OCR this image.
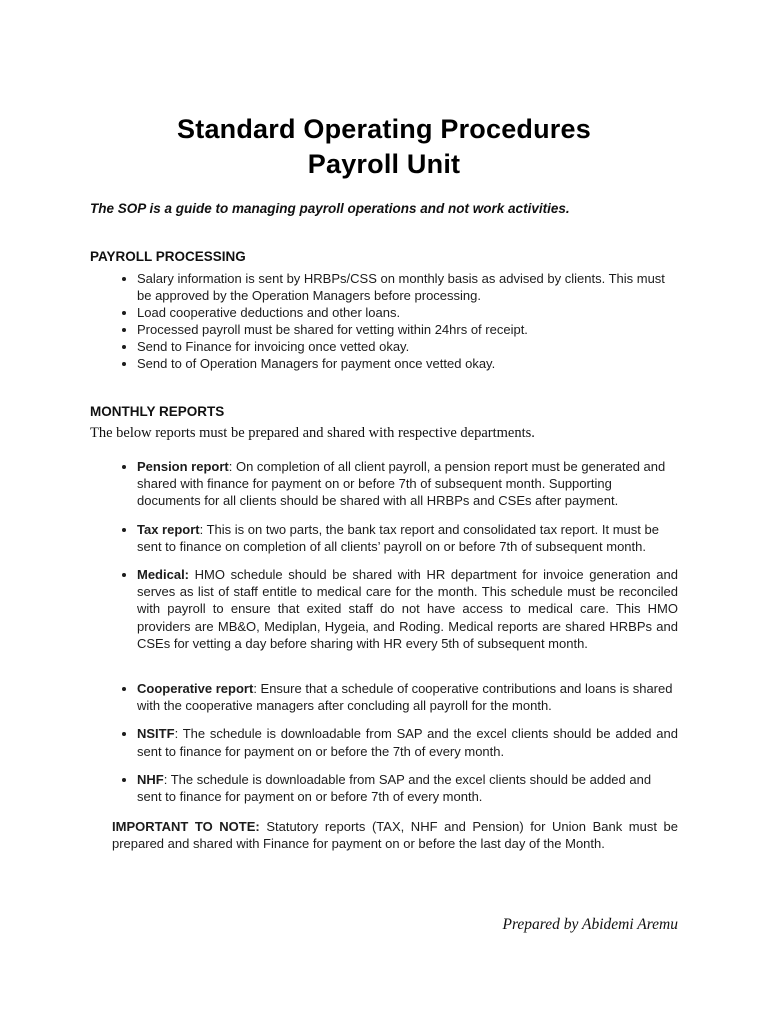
Standard Operating Procedures
Payroll Unit

The SOP is a guide to managing payroll operations and not work activities.

PAYROLL PROCESSING
• Salary information is sent by HRBPs/CSS on monthly basis as advised by clients. This must be approved by the Operation Managers before processing.
• Load cooperative deductions and other loans.
• Processed payroll must be shared for vetting within 24hrs of receipt.
• Send to Finance for invoicing once vetted okay.
• Send to of Operation Managers for payment once vetted okay.
MONTHLY REPORTS

The below reports must be prepared and shared with respective departments.

• Pension report: On completion of all client payroll, a pension report must be generated and shared with finance for payment on or before 7th of subsequent month. Supporting documents for all clients should be shared with all HRBPs and CSEs after payment.
• Tax report: This is on two parts, the bank tax report and consolidated tax report. It must be sent to finance on completion of all clients’ payroll on or before 7th of subsequent month.
• Medical: HMO schedule should be shared with HR department for invoice generation and serves as list of staff entitle to medical care for the month. This schedule must be reconciled with payroll to ensure that exited staff do not have access to medical care. This HMO providers are MB&O, Mediplan, Hygeia, and Roding. Medical reports are shared HRBPs and CSEs for vetting a day before sharing with HR every 5th of subsequent month.
• Cooperative report: Ensure that a schedule of cooperative contributions and loans is shared with the cooperative managers after concluding all payroll for the month.
• NSITF: The schedule is downloadable from SAP and the excel clients should be added and sent to finance for payment on or before the 7th of every month.
• NHF: The schedule is downloadable from SAP and the excel clients should be added and sent to finance for payment on or before 7th of every month.

IMPORTANT TO NOTE: Statutory reports (TAX, NHF and Pension) for Union Bank must be prepared and shared with Finance for payment on or before the last day of the Month.

Prepared by Abidemi Aremu
